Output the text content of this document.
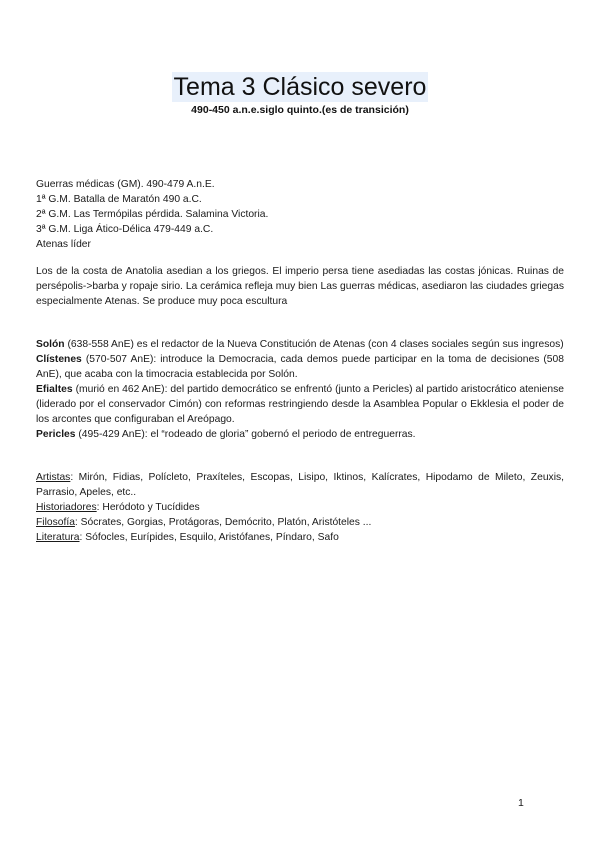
Tema 3 Clásico severo
490-450 a.n.e.siglo quinto.(es de transición)
Guerras médicas (GM). 490-479 A.n.E.
1ª G.M. Batalla de Maratón 490 a.C.
2ª G.M. Las Termópilas pérdida. Salamina Victoria.
3ª G.M. Liga Ático-Délica 479-449 a.C.
Atenas líder
Los de la costa de Anatolia asedian a los griegos. El imperio persa tiene asediadas las costas jónicas. Ruinas de persépolis->barba y ropaje sirio. La cerámica refleja muy bien Las guerras médicas, asediaron las ciudades griegas especialmente Atenas. Se produce muy poca escultura

Solón (638-558 AnE) es el redactor de la Nueva Constitución de Atenas (con 4 clases sociales según sus ingresos)

Clístenes (570-507 AnE): introduce la Democracia, cada demos puede participar en la toma de decisiones (508 AnE), que acaba con la timocracia establecida por Solón.

Efialtes (murió en 462 AnE): del partido democrático se enfrentó (junto a Pericles) al partido aristocrático ateniense (liderado por el conservador Cimón) con reformas restringiendo desde la Asamblea Popular o Ekklesia el poder de los arcontes que configuraban el Areópago.

Pericles (495-429 AnE): el “rodeado de gloria” gobernó el periodo de entreguerras.

Artistas: Mirón, Fidias, Polícleto, Praxíteles, Escopas, Lisipo, Iktinos, Kalícrates, Hipodamo de Mileto, Zeuxis, Parrasio, Apeles, etc..

Historiadores: Heródoto y Tucídides

Filosofía: Sócrates, Gorgias, Protágoras, Demócrito, Platón, Aristóteles ...

Literatura: Sófocles, Eurípides, Esquilo, Aristófanes, Píndaro, Safo

1
